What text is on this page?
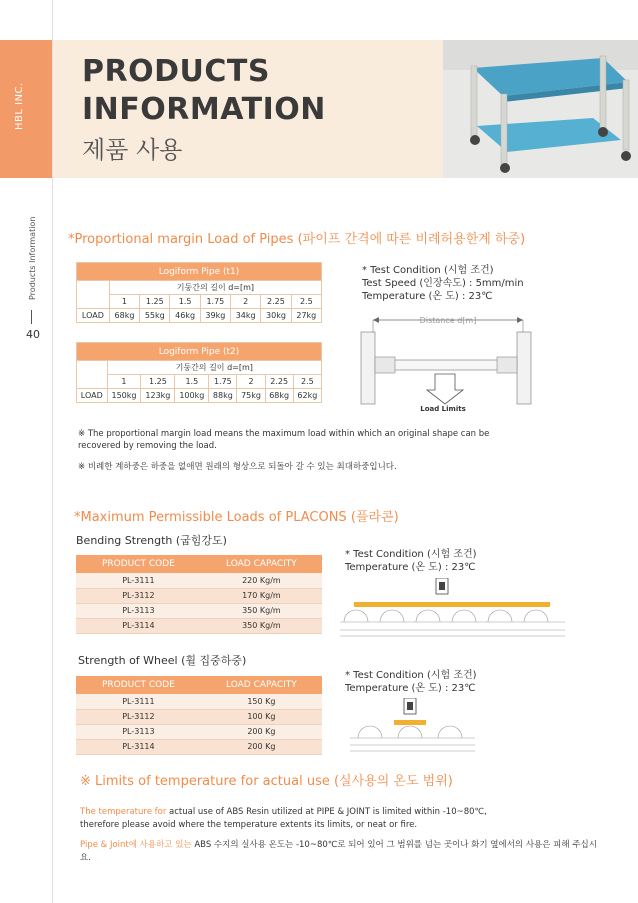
HBL INC.
Products Information
40
PRODUCTS
INFORMATION
제품 사용
*Proportional margin Load of Pipes (파이프 간격에 따른 비례허용한계 하중)
Logiform Pipe (t1)							
	기둥간의 길이 d=[m]						
	1	1.25	1.5	1.75	2	2.25	2.5
LOAD	68kg	55kg	46kg	39kg	34kg	30kg	27kg
Logiform Pipe (t2)							
	기둥간의 길이 d=[m]						
	1	1.25	1.5	1.75	2	2.25	2.5
LOAD	150kg	123kg	100kg	88kg	75kg	68kg	62kg
* Test Condition (시험 조건)
Test Speed (인장속도) : 5mm/min
Temperature (온 도) : 23℃
Distance d[m]
Load Limits
※ The proportional margin load means the maximum load within which an original shape can be recovered by removing the load.
※ 비례한 계하중은 하중을 없애면 원래의 형상으로 되돌아 갈 수 있는 최대하중입니다.
*Maximum Permissible Loads of PLACONS (플라콘)
Bending Strength (굽힘강도)
PRODUCT CODE	LOAD CAPACITY
PL-3111	220 Kg/m
PL-3112	170 Kg/m
PL-3113	350 Kg/m
PL-3114	350 Kg/m
* Test Condition (시험 조건)
Temperature (온 도) : 23℃
Strength of Wheel (휠 집중하중)
PRODUCT CODE	LOAD CAPACITY
PL-3111	150 Kg
PL-3112	100 Kg
PL-3113	200 Kg
PL-3114	200 Kg
* Test Condition (시험 조건)
Temperature (온 도) : 23℃
※ Limits of temperature for actual use (실사용의 온도 범위)
The temperature for actual use of ABS Resin utilized at PIPE & JOINT is limited within -10~80℃, therefore please avoid where the temperature extents its limits, or neat or fire.
Pipe & Joint에 사용하고 있는 ABS 수지의 실사용 온도는 -10~80℃로 되어 있어 그 범위를 넘는 곳이나 화기 옆에서의 사용은 피해 주십시요.
